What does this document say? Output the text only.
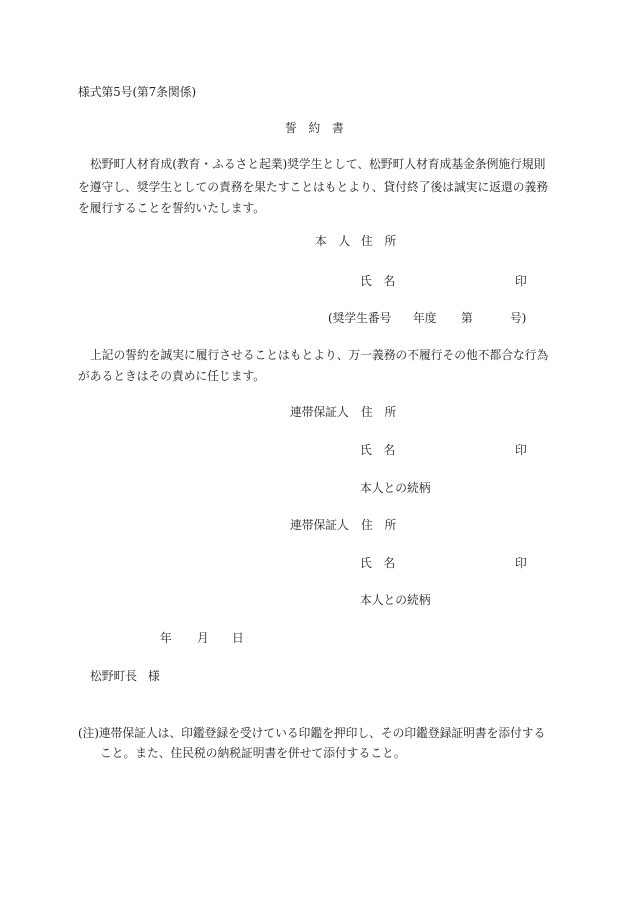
様式第5号(第7条関係)
誓　約　書
松野町人材育成(教育・ふるさと起業)奨学生として、松野町人材育成基金条例施行規則
を遵守し、奨学生としての責務を果たすことはもとより、貸付終了後は誠実に返還の義務
を履行することを誓約いたします。
本　人 住　所
氏　名	印
(奨学生番号 年度 第	号)
上記の誓約を誠実に履行させることはもとより、万一義務の不履行その他不都合な行為
があるときはその責めに任じます。
連帯保証人 住　所
氏　名	印
本人との続柄
連帯保証人 住　所
氏　名	印
本人との続柄
年 月 日
松野町長 様
(注)連帯保証人は、印鑑登録を受けている印鑑を押印し、その印鑑登録証明書を添付する
こと。また、住民税の納税証明書を併せて添付すること。
